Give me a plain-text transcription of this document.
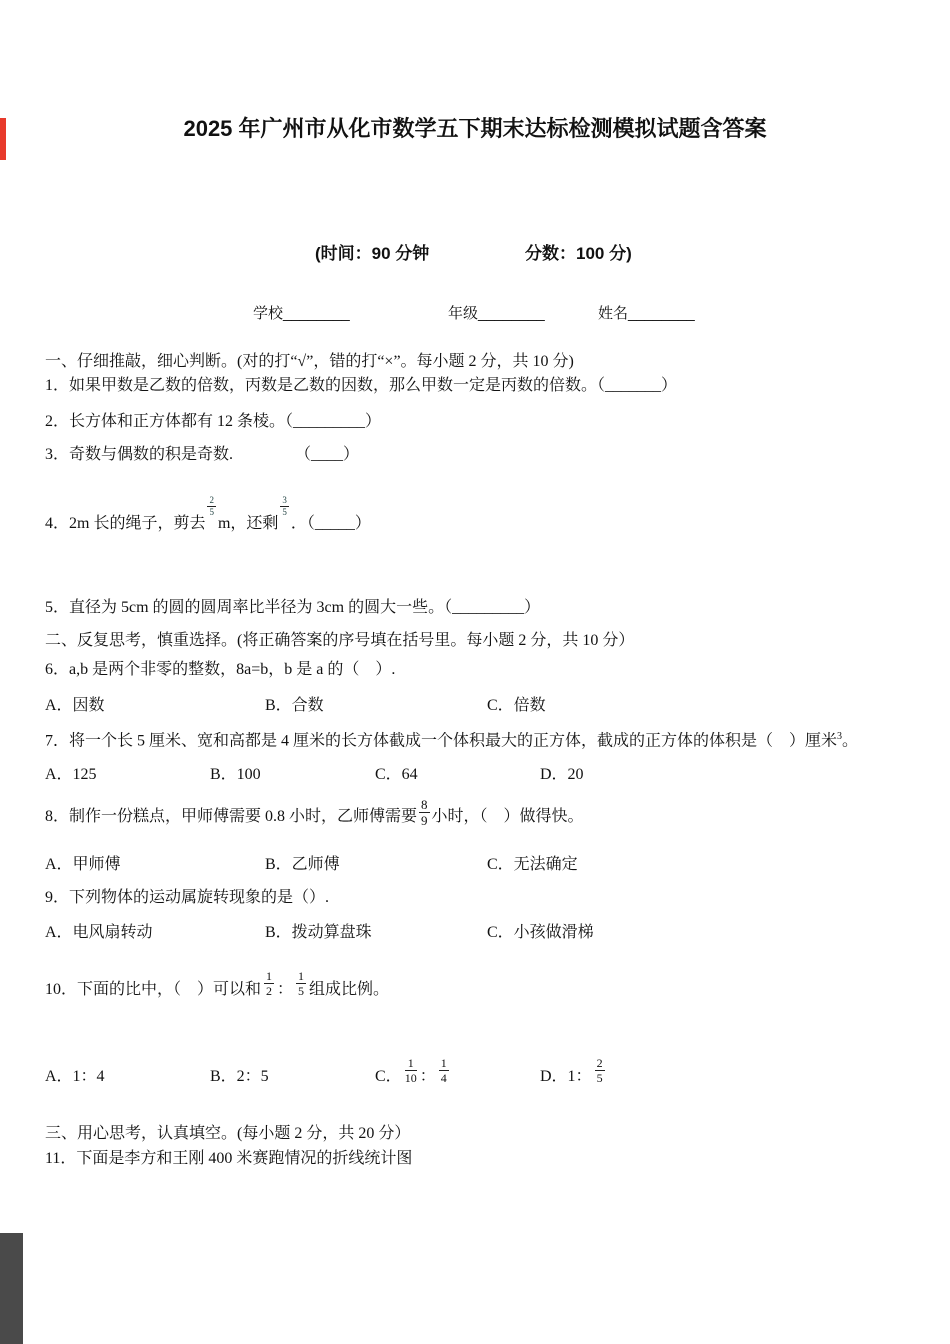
2025 年广州市从化市数学五下期末达标检测模拟试题含答案
(时间：90 分钟	分数：100 分)
学校________	年级________	姓名________
一、仔细推敲，细心判断。(对的打“√”，错的打“×”。每小题 2 分，共 10 分)
1．如果甲数是乙数的倍数，丙数是乙数的因数，那么甲数一定是丙数的倍数。（_______）
2．长方体和正方体都有 12 条棱。（_________）
3．奇数与偶数的积是奇数.	（____）
4．2m 长的绳子，剪去
$\frac{2}{5}$
m，还剩
$\frac{3}{5}$
．（_____）
5．直径为 5cm 的圆的圆周率比半径为 3cm 的圆大一些。（_________）
二、反复思考，慎重选择。(将正确答案的序号填在括号里。每小题 2 分，共 10 分）
6．a,b 是两个非零的整数，8a=b，b 是 a 的（　）.
A．因数	B．合数	C．倍数
7．将一个长 5 厘米、宽和高都是 4 厘米的长方体截成一个体积最大的正方体，截成的正方体的体积是（　）厘米$^3$。
A．125	B．100	C．64	D．20
8．制作一份糕点，甲师傅需要 0.8 小时，乙师傅需要 $\frac{8}{9}$ 小时，（　）做得快。
A．甲师傅	B．乙师傅	C．无法确定
9．下列物体的运动属旋转现象的是（）.
A．电风扇转动	B．拨动算盘珠	C．小孩做滑梯
10．下面的比中，（　）可以和 $\frac{1}{2}$ ： $\frac{1}{5}$ 组成比例。
A．1：4	B．2：5	C． $\frac{1}{10}$ ： $\frac{1}{4}$	D．1： $\frac{2}{5}$
三、用心思考，认真填空。(每小题 2 分，共 20 分）
11．下面是李方和王刚 400 米赛跑情况的折线统计图
